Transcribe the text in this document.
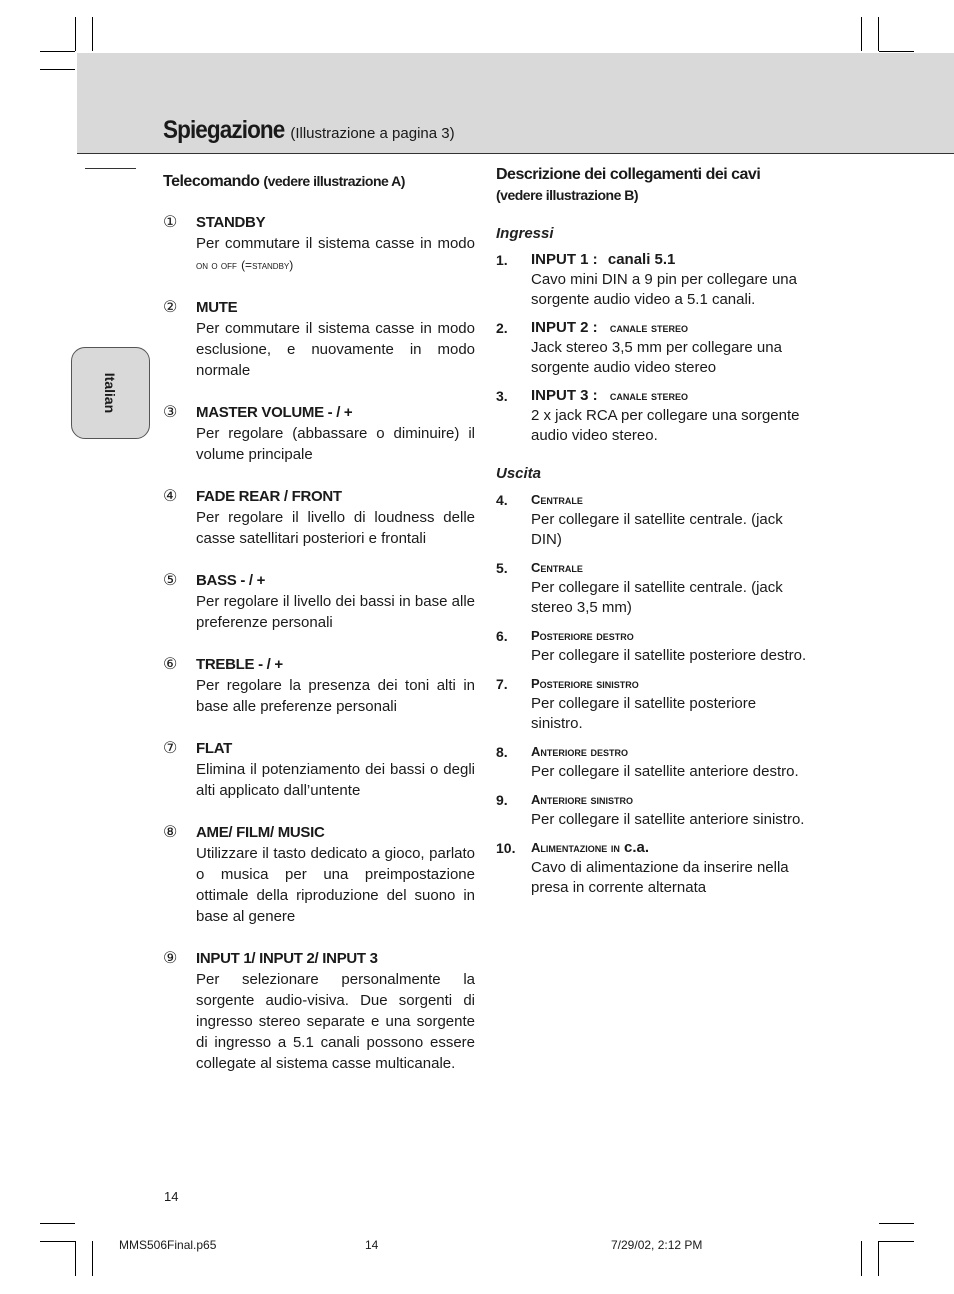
Spiegazione (Illustrazione a pagina 3)
Italian
Telecomando (vedere illustrazione A)
① STANDBY
Per commutare il sistema casse in modo on o off (=standby)
② MUTE
Per commutare il sistema casse in modo esclusione, e nuovamente in modo normale
③ MASTER VOLUME - / +
Per regolare (abbassare o diminuire) il volume principale
④ FADE REAR / FRONT
Per regolare il livello di loudness delle casse satellitari posteriori e frontali
⑤ BASS - / +
Per regolare il livello dei bassi in base alle preferenze personali
⑥ TREBLE - / +
Per regolare la presenza dei toni alti in base alle preferenze personali
⑦ FLAT
Elimina il potenziamento dei bassi o degli alti applicato dall’untente
⑧ AME/ FILM/ MUSIC
Utilizzare il tasto dedicato a gioco, parlato o musica per una preimpostazione ottimale della riproduzione del suono in base al genere
⑨ INPUT 1/ INPUT 2/ INPUT 3
Per selezionare personalmente la sorgente audio-visiva. Due sorgenti di ingresso stereo separate e una sorgente di ingresso a 5.1 canali possono essere collegate al sistema casse multicanale.
Descrizione dei collegamenti dei cavi
(vedere illustrazione B)
Ingressi
1. INPUT 1 : canali 5.1
Cavo mini DIN a 9 pin per collegare una sorgente audio video a 5.1 canali.
2. INPUT 2 : canale stereo
Jack stereo 3,5 mm per collegare una sorgente audio video stereo
3. INPUT 3 : canale stereo
2 x jack RCA per collegare una sorgente audio video stereo.
Uscita
4. Centrale
Per collegare il satellite centrale. (jack DIN)
5. Centrale
Per collegare il satellite centrale. (jack stereo 3,5 mm)
6. Posteriore destro
Per collegare il satellite posteriore destro.
7. Posteriore sinistro
Per collegare il satellite posteriore sinistro.
8. Anteriore destro
Per collegare il satellite anteriore destro.
9. Anteriore sinistro
Per collegare il satellite anteriore sinistro.
10. Alimentazione in c.a.
Cavo di alimentazione da inserire nella presa in corrente alternata
14
MMS506Final.p65	14	7/29/02, 2:12 PM
